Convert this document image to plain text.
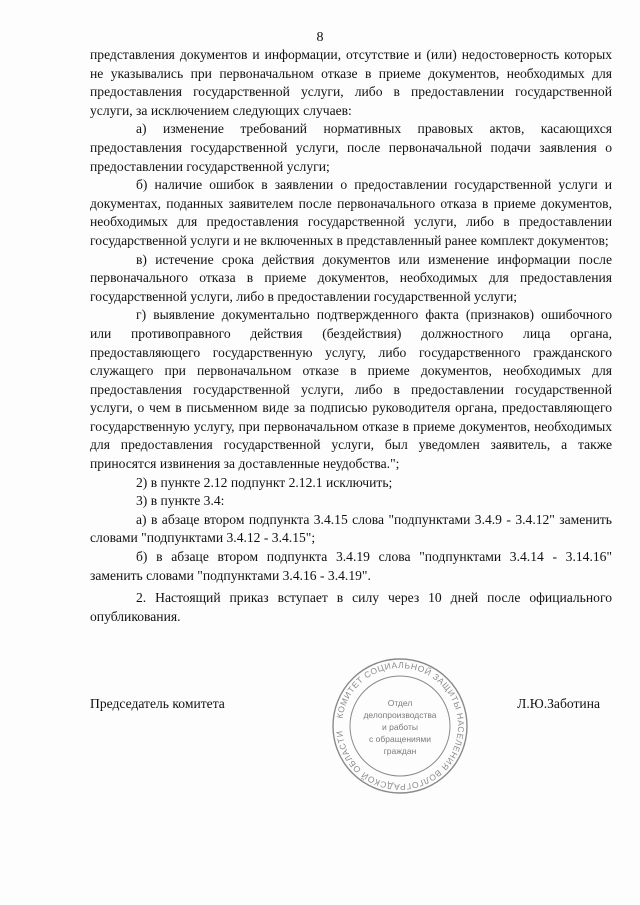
8

представления документов и информации, отсутствие и (или) недостоверность которых не указывались при первоначальном отказе в приеме документов, необходимых для предоставления государственной услуги, либо в предоставлении государственной услуги, за исключением следующих случаев:

а) изменение требований нормативных правовых актов, касающихся предоставления государственной услуги, после первоначальной подачи заявления о предоставлении государственной услуги;

б) наличие ошибок в заявлении о предоставлении государственной услуги и документах, поданных заявителем после первоначального отказа в приеме документов, необходимых для предоставления государственной услуги, либо в предоставлении государственной услуги и не включенных в представленный ранее комплект документов;

в) истечение срока действия документов или изменение информации после первоначального отказа в приеме документов, необходимых для предоставления государственной услуги, либо в предоставлении государственной услуги;

г) выявление документально подтвержденного факта (признаков) ошибочного или противоправного действия (бездействия) должностного лица органа, предоставляющего государственную услугу, либо государственного гражданского служащего при первоначальном отказе в приеме документов, необходимых для предоставления государственной услуги, либо в предоставлении государственной услуги, о чем в письменном виде за подписью руководителя органа, предоставляющего государственную услугу, при первоначальном отказе в приеме документов, необходимых для предоставления государственной услуги, был уведомлен заявитель, а также приносятся извинения за доставленные неудобства.";

2) в пункте 2.12 подпункт 2.12.1 исключить;

3) в пункте 3.4:

а) в абзаце втором подпункта 3.4.15 слова "подпунктами 3.4.9 - 3.4.12" заменить словами "подпунктами 3.4.12 - 3.4.15";

б) в абзаце втором подпункта 3.4.19 слова "подпунктами 3.4.14 - 3.14.16" заменить словами "подпунктами 3.4.16 - 3.4.19".

2. Настоящий приказ вступает в силу через 10 дней после официального опубликования.

Председатель комитета	Л.Ю.Заботина
КОМИТЕТ СОЦИАЛЬНОЙ ЗАЩИТЫ НАСЕЛЕНИЯ ВОЛГОГРАДСКОЙ ОБЛАСТИ
Отдел
делопроизводства
и работы
с обращениями
граждан
